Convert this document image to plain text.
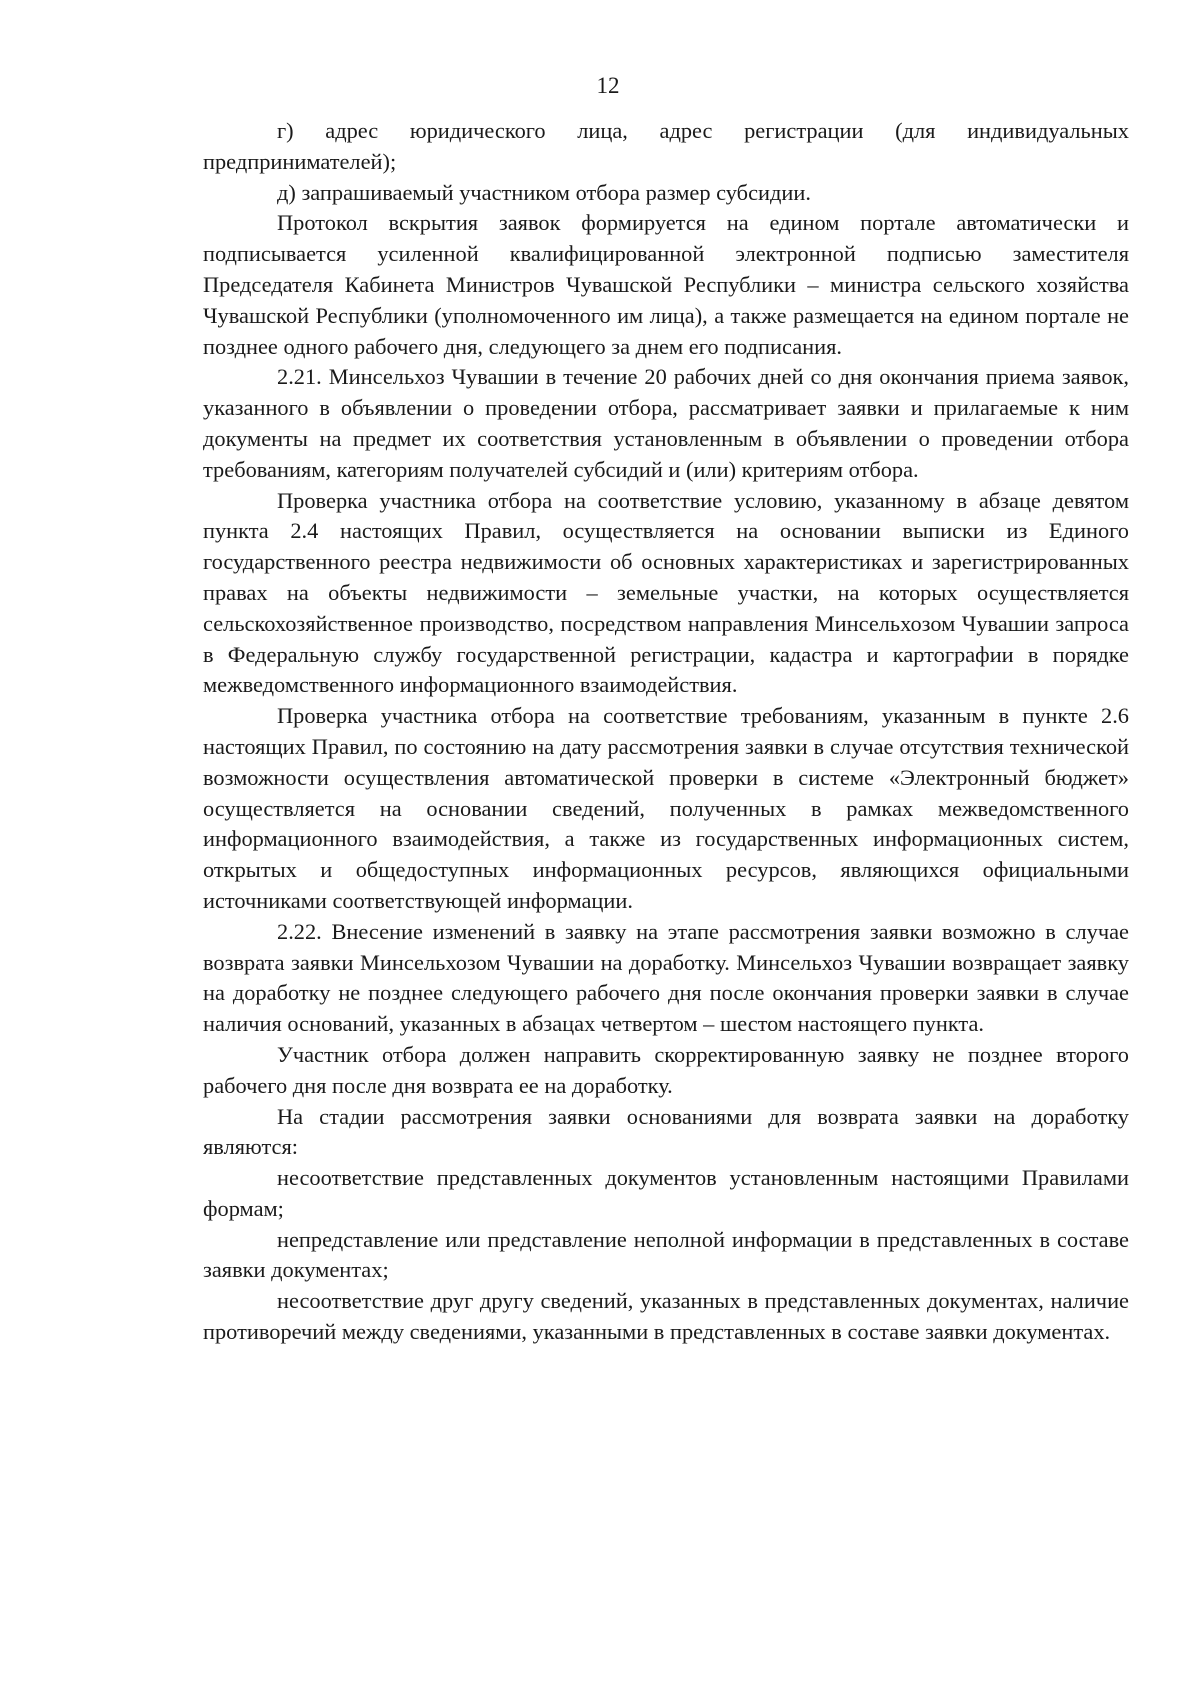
12

г) адрес юридического лица, адрес регистрации (для индивидуальных предпринимателей);

д) запрашиваемый участником отбора размер субсидии.

Протокол вскрытия заявок формируется на едином портале автоматически и подписывается усиленной квалифицированной электронной подписью заместителя Председателя Кабинета Министров Чувашской Республики – министра сельского хозяйства Чувашской Республики (уполномоченного им лица), а также размещается на едином портале не позднее одного рабочего дня, следующего за днем его подписания.

2.21. Минсельхоз Чувашии в течение 20 рабочих дней со дня окончания приема заявок, указанного в объявлении о проведении отбора, рассматривает заявки и прилагаемые к ним документы на предмет их соответствия установленным в объявлении о проведении отбора требованиям, категориям получателей субсидий и (или) критериям отбора.

Проверка участника отбора на соответствие условию, указанному в абзаце девятом пункта 2.4 настоящих Правил, осуществляется на основании выписки из Единого государственного реестра недвижимости об основных характеристиках и зарегистрированных правах на объекты недвижимости – земельные участки, на которых осуществляется сельскохозяйственное производство, посредством направления Минсельхозом Чувашии запроса в Федеральную службу государственной регистрации, кадастра и картографии в порядке межведомственного информационного взаимодействия.

Проверка участника отбора на соответствие требованиям, указанным в пункте 2.6 настоящих Правил, по состоянию на дату рассмотрения заявки в случае отсутствия технической возможности осуществления автоматической проверки в системе «Электронный бюджет» осуществляется на основании сведений, полученных в рамках межведомственного информационного взаимодействия, а также из государственных информационных систем, открытых и общедоступных информационных ресурсов, являющихся официальными источниками соответствующей информации.

2.22. Внесение изменений в заявку на этапе рассмотрения заявки возможно в случае возврата заявки Минсельхозом Чувашии на доработку. Минсельхоз Чувашии возвращает заявку на доработку не позднее следующего рабочего дня после окончания проверки заявки в случае наличия оснований, указанных в абзацах четвертом – шестом настоящего пункта.

Участник отбора должен направить скорректированную заявку не позднее второго рабочего дня после дня возврата ее на доработку.

На стадии рассмотрения заявки основаниями для возврата заявки на доработку являются:

несоответствие представленных документов установленным настоящими Правилами формам;

непредставление или представление неполной информации в представленных в составе заявки документах;

несоответствие друг другу сведений, указанных в представленных документах, наличие противоречий между сведениями, указанными в представленных в составе заявки документах.
